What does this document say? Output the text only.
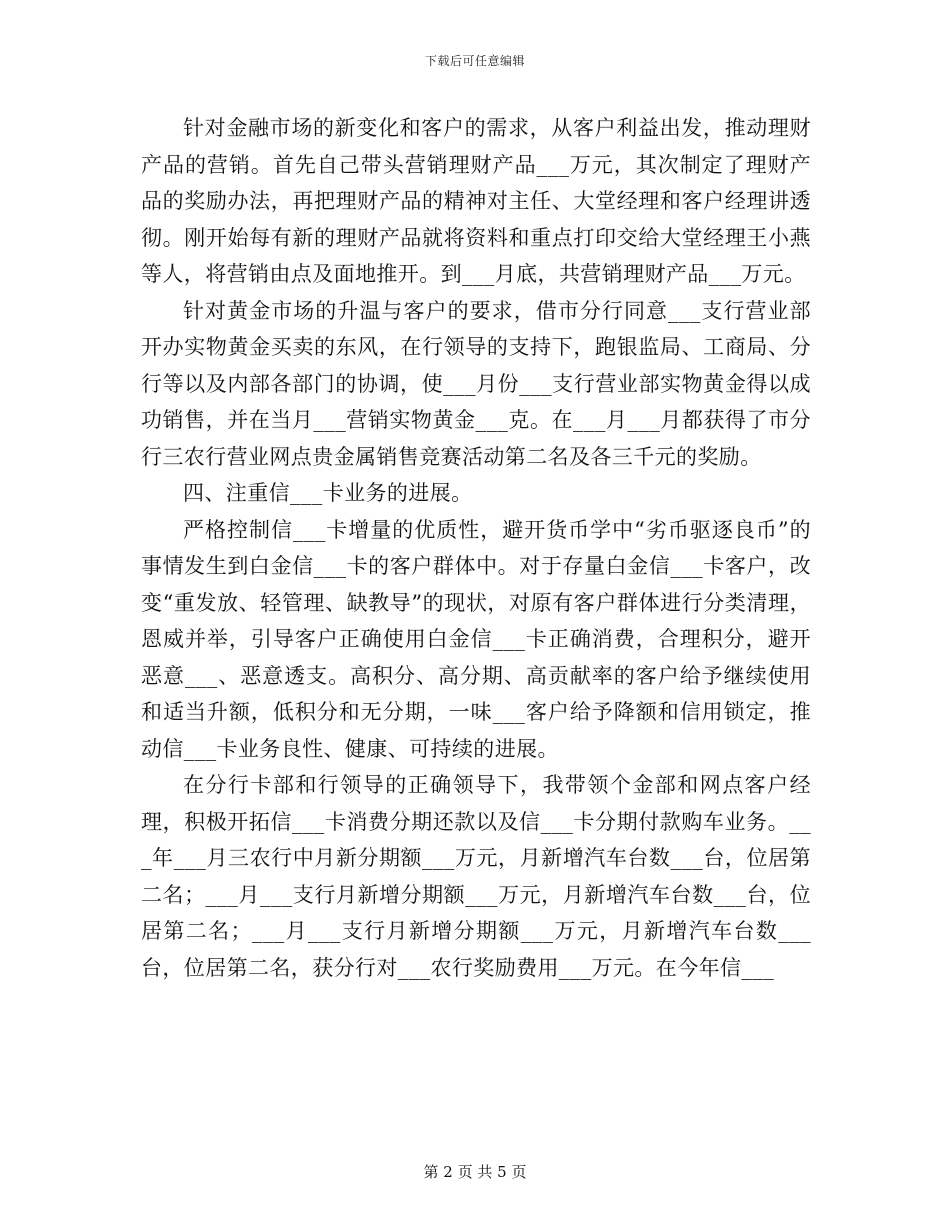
下载后可任意编辑

针对金融市场的新变化和客户的需求，从客户利益出发，推动理财产品的营销。首先自己带头营销理财产品___万元，其次制定了理财产品的奖励办法，再把理财产品的精神对主任、大堂经理和客户经理讲透彻。刚开始每有新的理财产品就将资料和重点打印交给大堂经理王小燕等人，将营销由点及面地推开。到___月底，共营销理财产品___万元。

针对黄金市场的升温与客户的要求，借市分行同意___支行营业部开办实物黄金买卖的东风，在行领导的支持下，跑银监局、工商局、分行等以及内部各部门的协调，使___月份___支行营业部实物黄金得以成功销售，并在当月___营销实物黄金___克。在___月___月都获得了市分行三农行营业网点贵金属销售竞赛活动第二名及各三千元的奖励。

四、注重信___卡业务的进展。

严格控制信___卡增量的优质性，避开货币学中“劣币驱逐良币”的事情发生到白金信___卡的客户群体中。对于存量白金信___卡客户，改变“重发放、轻管理、缺教导”的现状，对原有客户群体进行分类清理，恩威并举，引导客户正确使用白金信___卡正确消费，合理积分，避开恶意___、恶意透支。高积分、高分期、高贡献率的客户给予继续使用和适当升额，低积分和无分期，一味___客户给予降额和信用锁定，推动信___卡业务良性、健康、可持续的进展。

在分行卡部和行领导的正确领导下，我带领个金部和网点客户经理，积极开拓信___卡消费分期还款以及信___卡分期付款购车业务。___年___月三农行中月新分期额___万元，月新增汽车台数___台，位居第二名；___月___支行月新增分期额___万元，月新增汽车台数___台，位居第二名；___月___支行月新增分期额___万元，月新增汽车台数___台，位居第二名，获分行对___农行奖励费用___万元。在今年信___

第 2 页 共 5 页
